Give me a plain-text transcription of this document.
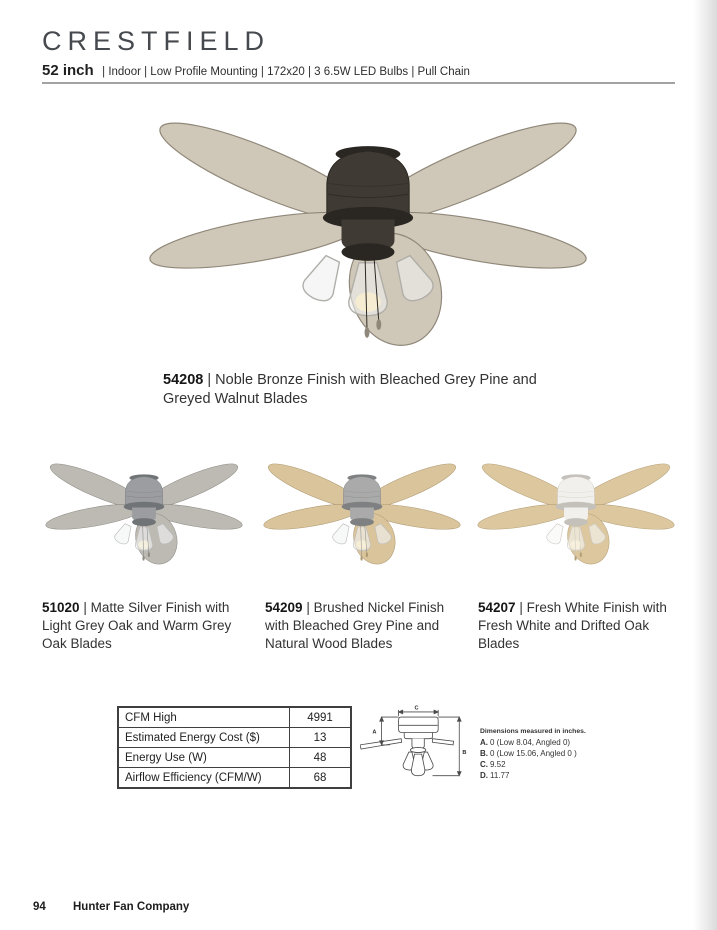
CRESTFIELD
52 inch | Indoor | Low Profile Mounting | 172x20 | 3 6.5W LED Bulbs | Pull Chain

54208 | Noble Bronze Finish with Bleached Grey Pine and Greyed Walnut Blades

51020 | Matte Silver Finish with Light Grey Oak and Warm Grey Oak Blades

54209 | Brushed Nickel Finish with Bleached Grey Pine and Natural Wood Blades

54207 | Fresh White Finish with Fresh White and Drifted Oak Blades

CFM High	4991
Estimated Energy Cost ($)	13
Energy Use (W)	48
Airflow Efficiency (CFM/W)	68
C
A
B
Dimensions measured in inches.
A. 0 (Low 8.04, Angled 0)
B. 0 (Low 15.06, Angled 0 )
C. 9.52
D. 11.77
94 Hunter Fan Company
